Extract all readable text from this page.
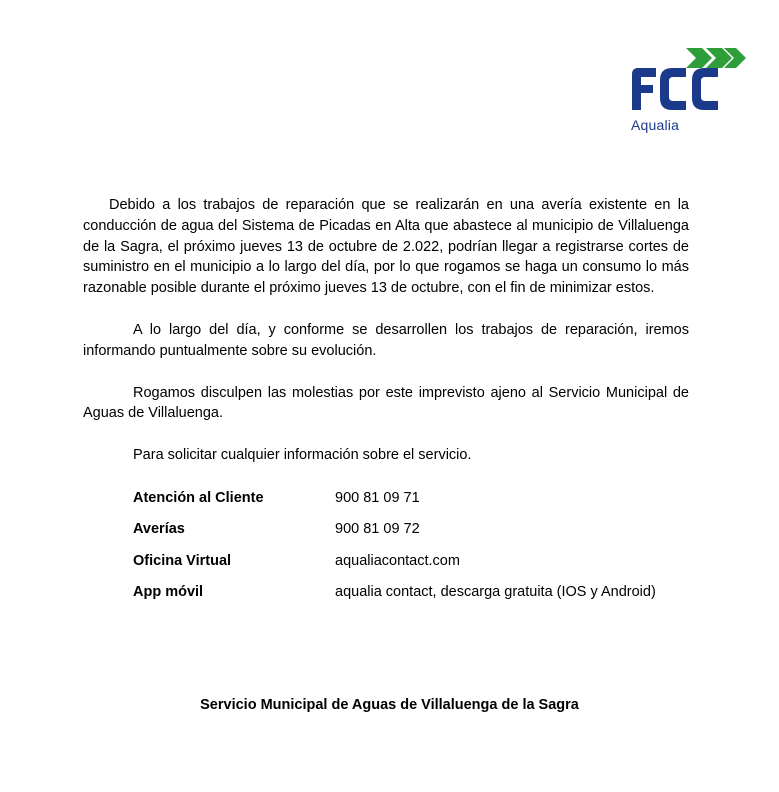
Aqualia

Debido a los trabajos de reparación que se realizarán en una avería existente en la conducción de agua del Sistema de Picadas en Alta que abastece al municipio de Villaluenga de la Sagra, el próximo jueves 13 de octubre de 2.022, podrían llegar a registrarse cortes de suministro en el municipio a lo largo del día, por lo que rogamos se haga un consumo lo más razonable posible durante el próximo jueves 13 de octubre, con el fin de minimizar estos.

A lo largo del día, y conforme se desarrollen los trabajos de reparación, iremos informando puntualmente sobre su evolución.

Rogamos disculpen las molestias por este imprevisto ajeno al Servicio Municipal de Aguas de Villaluenga.

Para solicitar cualquier información sobre el servicio.

Atención al Cliente	900 81 09 71
Averías	900 81 09 72
Oficina Virtual	aqualiacontact.com
App móvil	aqualia contact, descarga gratuita (IOS y Android)
Servicio Municipal de Aguas de Villaluenga de la Sagra
